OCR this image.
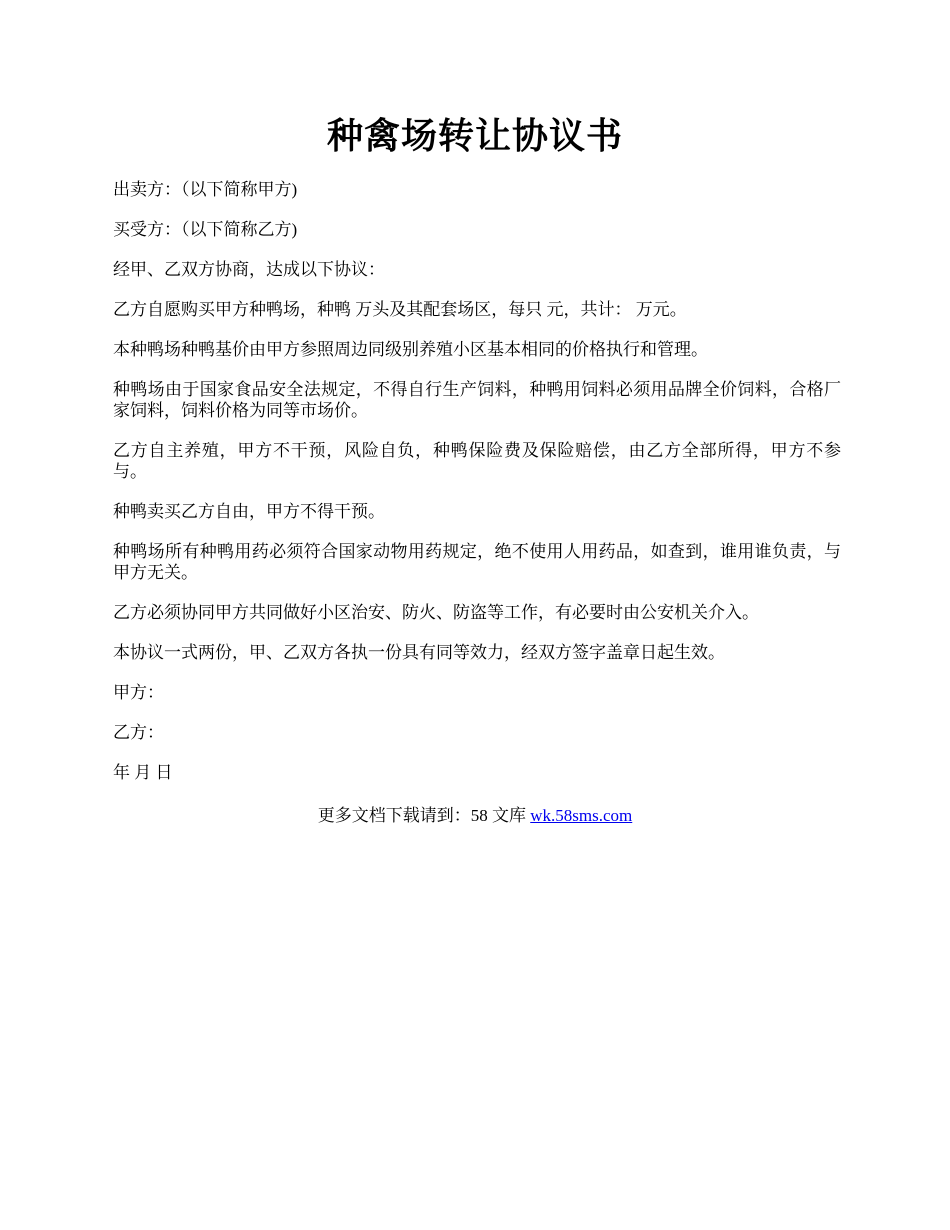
种禽场转让协议书

出卖方：（以下简称甲方)

买受方：（以下简称乙方)

经甲、乙双方协商，达成以下协议：

乙方自愿购买甲方种鸭场，种鸭 万头及其配套场区，每只 元，共计： 万元。

本种鸭场种鸭基价由甲方参照周边同级别养殖小区基本相同的价格执行和管理。

种鸭场由于国家食品安全法规定，不得自行生产饲料，种鸭用饲料必须用品牌全价饲料，合格厂家饲料，饲料价格为同等市场价。

乙方自主养殖，甲方不干预，风险自负，种鸭保险费及保险赔偿，由乙方全部所得，甲方不参与。

种鸭卖买乙方自由，甲方不得干预。

种鸭场所有种鸭用药必须符合国家动物用药规定，绝不使用人用药品，如查到，谁用谁负责，与甲方无关。

乙方必须协同甲方共同做好小区治安、防火、防盗等工作，有必要时由公安机关介入。

本协议一式两份，甲、乙双方各执一份具有同等效力，经双方签字盖章日起生效。

甲方：

乙方：

年 月 日

更多文档下载请到：58 文库 wk.58sms.com
